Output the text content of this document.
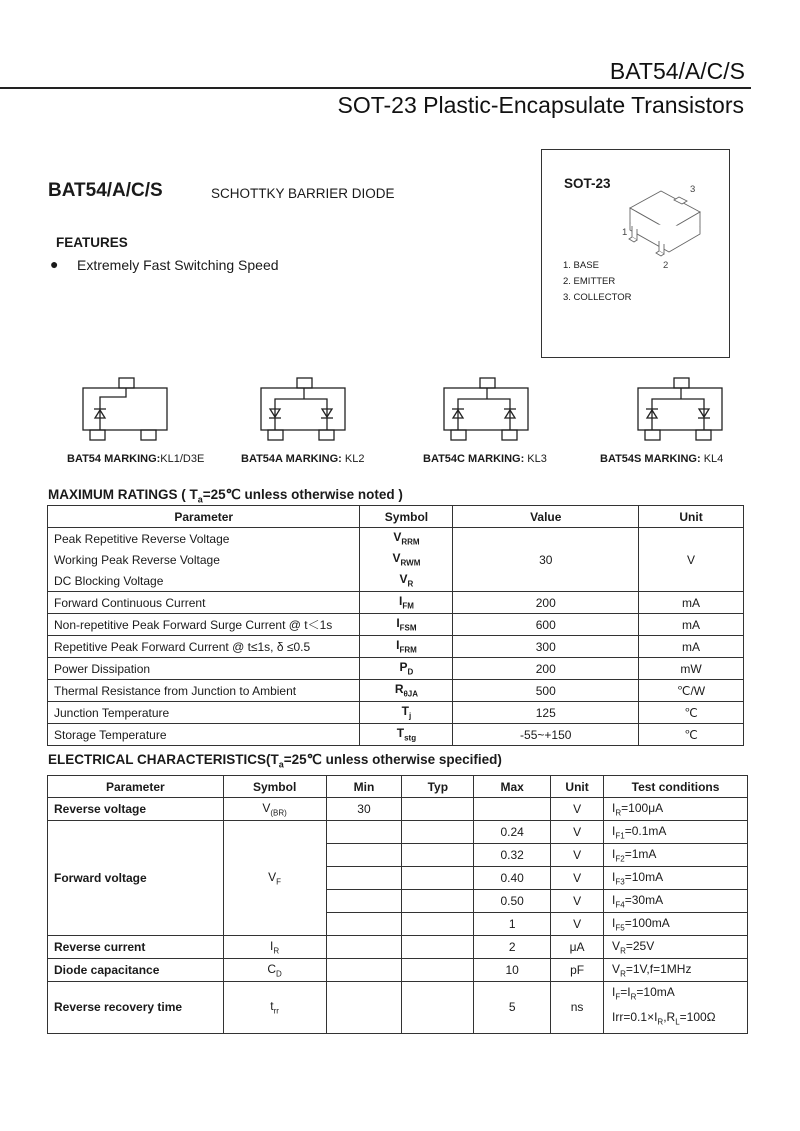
BAT54/A/C/S
SOT-23 Plastic-Encapsulate Transistors
BAT54/A/C/S	SCHOTTKY BARRIER DIODE
FEATURES
● Extremely Fast Switching Speed
SOT-23
1
2
3
1. BASE
2. EMITTER
3. COLLECTOR
BAT54 MARKING:KL1/D3E	BAT54A MARKING: KL2	BAT54C MARKING: KL3	BAT54S MARKING: KL4
MAXIMUM RATINGS ( $T_a=25℃$ unless otherwise noted )
Parameter	Symbol	Value	Unit
Peak Repetitive Reverse Voltage	$V_{RRM}$	30	V
Working Peak Reverse Voltage	$V_{RWM}$
DC Blocking Voltage	$V_R$
Forward Continuous Current	$I_{FM}$	200	mA
Non-repetitive Peak Forward Surge Current @ t＜1s	$I_{FSM}$	600	mA
Repetitive Peak Forward Current @ t≤1s, δ ≤0.5	$I_{FRM}$	300	mA
Power Dissipation	$P_D$	200	mW
Thermal Resistance from Junction to Ambient	$R_{\theta JA}$	500	℃/W
Junction Temperature	$T_j$	125	℃
Storage Temperature	$T_{stg}$	-55~+150	℃
ELECTRICAL $CHARACTERISTICS(T_a=25℃$ unless otherwise specified)
Parameter	Symbol	Min	Typ	Max	Unit	Test conditions
Reverse voltage	$V_{(BR)}$	30			V	$I_R=100\mu A$
Forward voltage	$V_F$			0.24	V	$I_{F1}=0.1mA$
				0.32	V	$I_{F2}=1mA$
				0.40	V	$I_{F3}=10mA$
				0.50	V	$I_{F4}=30mA$
				1	V	$I_{F5}=100mA$
Reverse current	$I_R$			2	μA	$V_R=25V$
Diode capacitance	$C_D$			10	pF	$V_R=1V,f=1MHz$
Reverse recovery time	$t_{rr}$			5	ns	$I_F=I_R=10mA$
$Irr=0.1\times I_R,R_L=100\Omega$
